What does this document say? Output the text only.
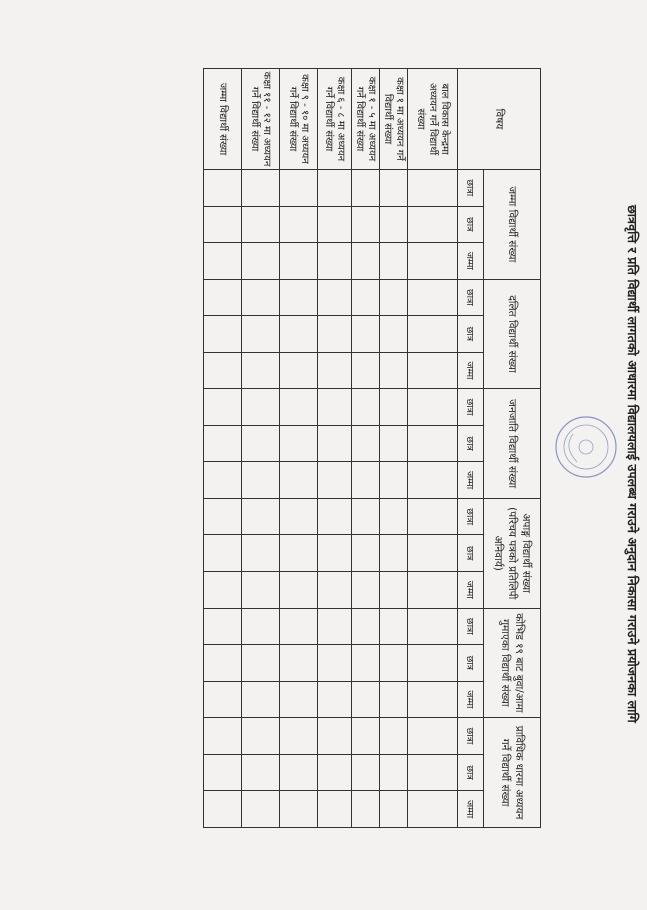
छात्रवृत्ति र प्रति विद्यार्थी लागतको आधारमा विद्यालयलाई उपलब्ध गराउने अनुदान निकासा गराउने प्रयोजनका लागि
विषय	जम्मा विद्यार्थी संख्या			दलित विद्यार्थी संख्या			जनजाति विद्यार्थी संख्या			अपाङ्ग विद्यार्थी संख्या (परिचय पत्रको प्रतिलिपी अनिवार्य)			कोभिड १९ बाट बुवा/आमा गुमाएका विद्यार्थी संख्या			प्राविधिक धारमा अध्ययन गर्ने विद्यार्थी संख्या		
	छात्रा	छात्र	जम्मा	छात्रा	छात्र	जम्मा	छात्रा	छात्र	जम्मा	छात्रा	छात्र	जम्मा	छात्रा	छात्र	जम्मा	छात्रा	छात्र	जम्मा
बाल विकास केन्द्रमा अध्ययन गर्ने विद्यार्थी संख्या																		
कक्षा १ मा अध्ययन गर्ने विद्यार्थी संख्या																		
कक्षा १ - ५ मा अध्ययन गर्ने विद्यार्थी संख्या																		
कक्षा ६ - ८ मा अध्ययन गर्ने विद्यार्थी संख्या																		
कक्षा ९ - १० मा अध्ययन गर्ने विद्यार्थी संख्या																		
कक्षा ११ - १२ मा अध्ययन गर्ने विद्यार्थी संख्या																		
जम्मा विद्यार्थी संख्या																		
